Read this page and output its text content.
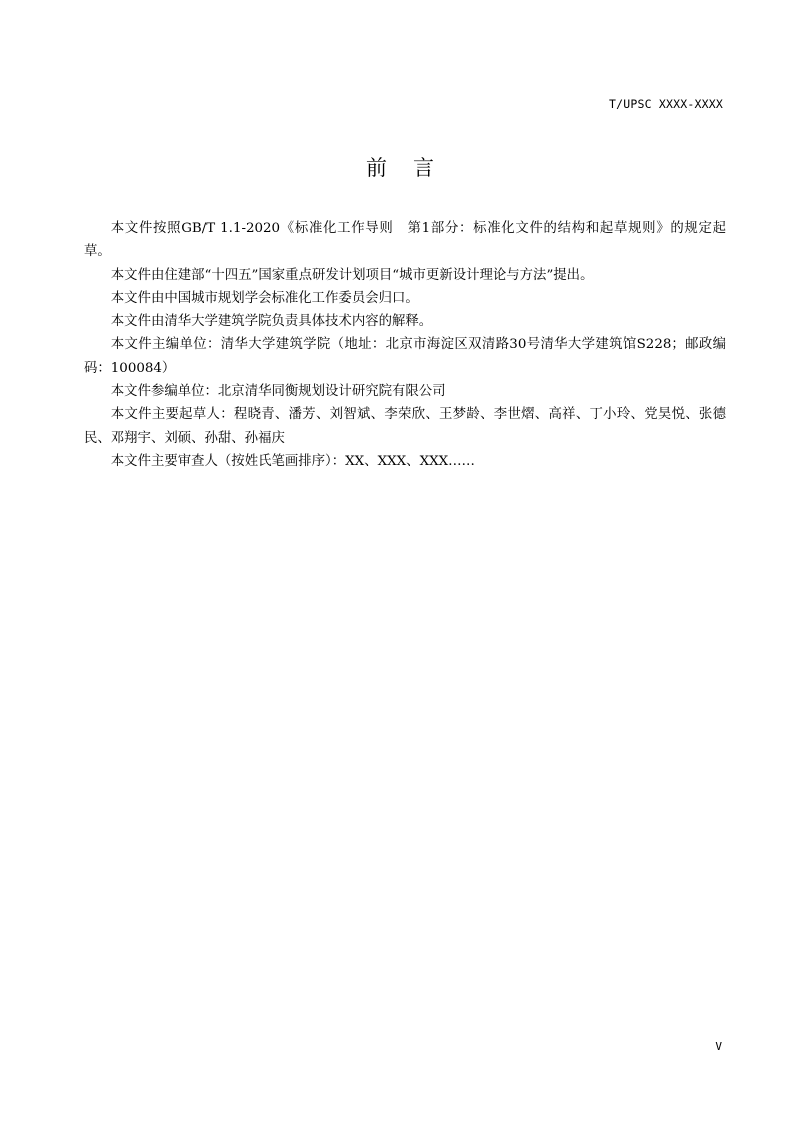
T/UPSC XXXX-XXXX
前言

本文件按照GB/T 1.1-2020《标准化工作导则　第1部分：标准化文件的结构和起草规则》的规定起草。

本文件由住建部“十四五”国家重点研发计划项目“城市更新设计理论与方法”提出。

本文件由中国城市规划学会标准化工作委员会归口。

本文件由清华大学建筑学院负责具体技术内容的解释。

本文件主编单位：清华大学建筑学院（地址：北京市海淀区双清路30号清华大学建筑馆S228；邮政编码：100084）

本文件参编单位：北京清华同衡规划设计研究院有限公司

本文件主要起草人：程晓青、潘芳、刘智斌、李荣欣、王梦龄、李世熠、高祥、丁小玲、党昊悦、张德民、邓翔宇、刘硕、孙甜、孙福庆

本文件主要审查人（按姓氏笔画排序）：XX、XXX、XXX……

V
